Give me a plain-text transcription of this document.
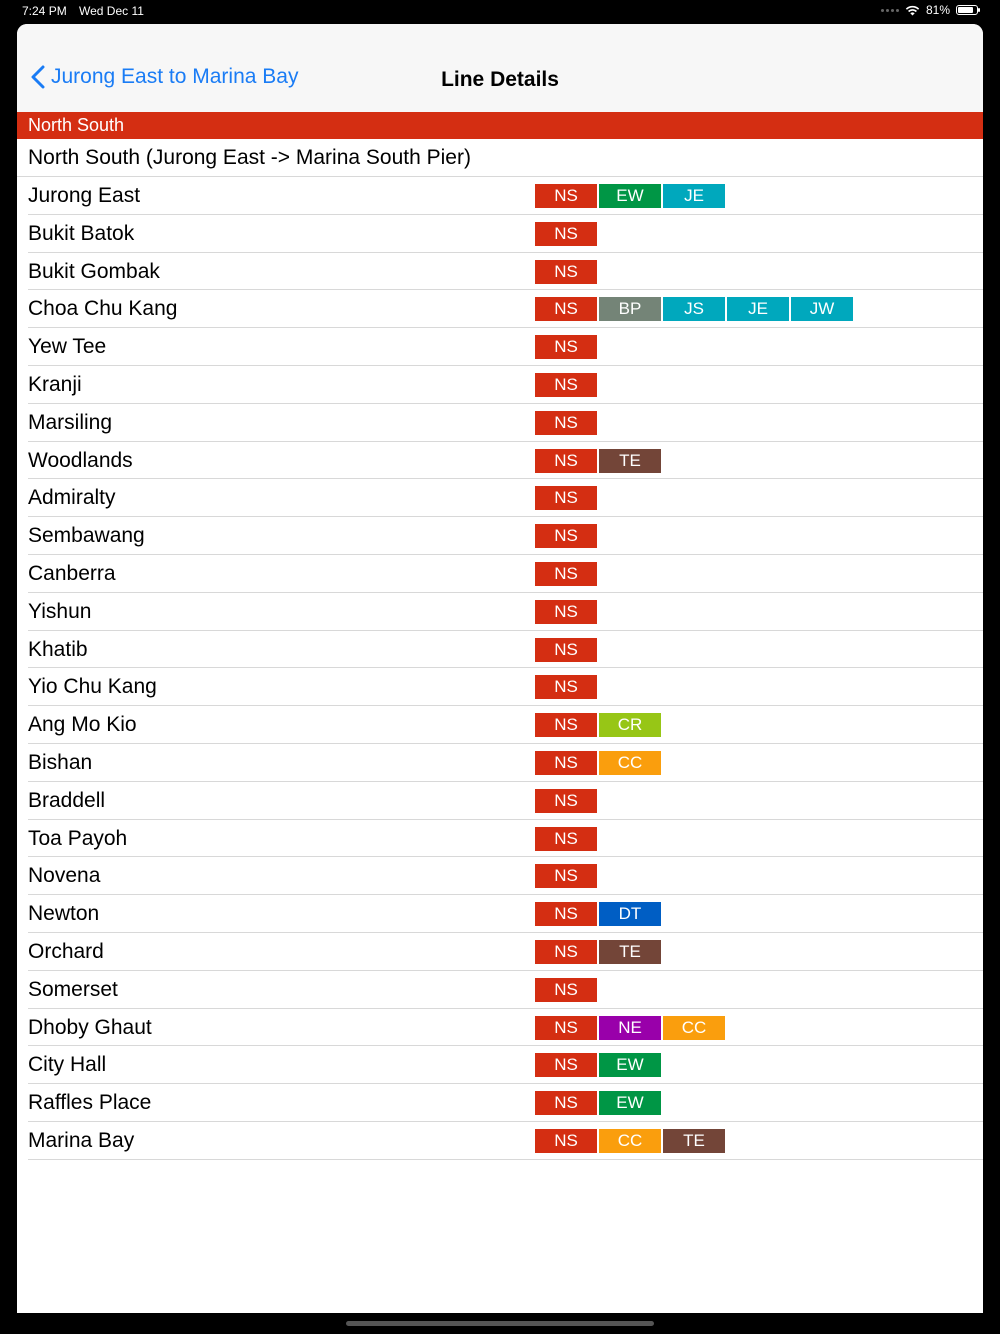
7:24 PM Wed Dec 11	81%
Jurong East to Marina Bay	Line Details
North South
North South (Jurong East -> Marina South Pier)
Jurong East	NS	EW	JE
Bukit Batok	NS
Bukit Gombak	NS
Choa Chu Kang	NS	BP	JS	JE	JW
Yew Tee	NS
Kranji	NS
Marsiling	NS
Woodlands	NS	TE
Admiralty	NS
Sembawang	NS
Canberra	NS
Yishun	NS
Khatib	NS
Yio Chu Kang	NS
Ang Mo Kio	NS	CR
Bishan	NS	CC
Braddell	NS
Toa Payoh	NS
Novena	NS
Newton	NS	DT
Orchard	NS	TE
Somerset	NS
Dhoby Ghaut	NS	NE	CC
City Hall	NS	EW
Raffles Place	NS	EW
Marina Bay	NS	CC	TE
